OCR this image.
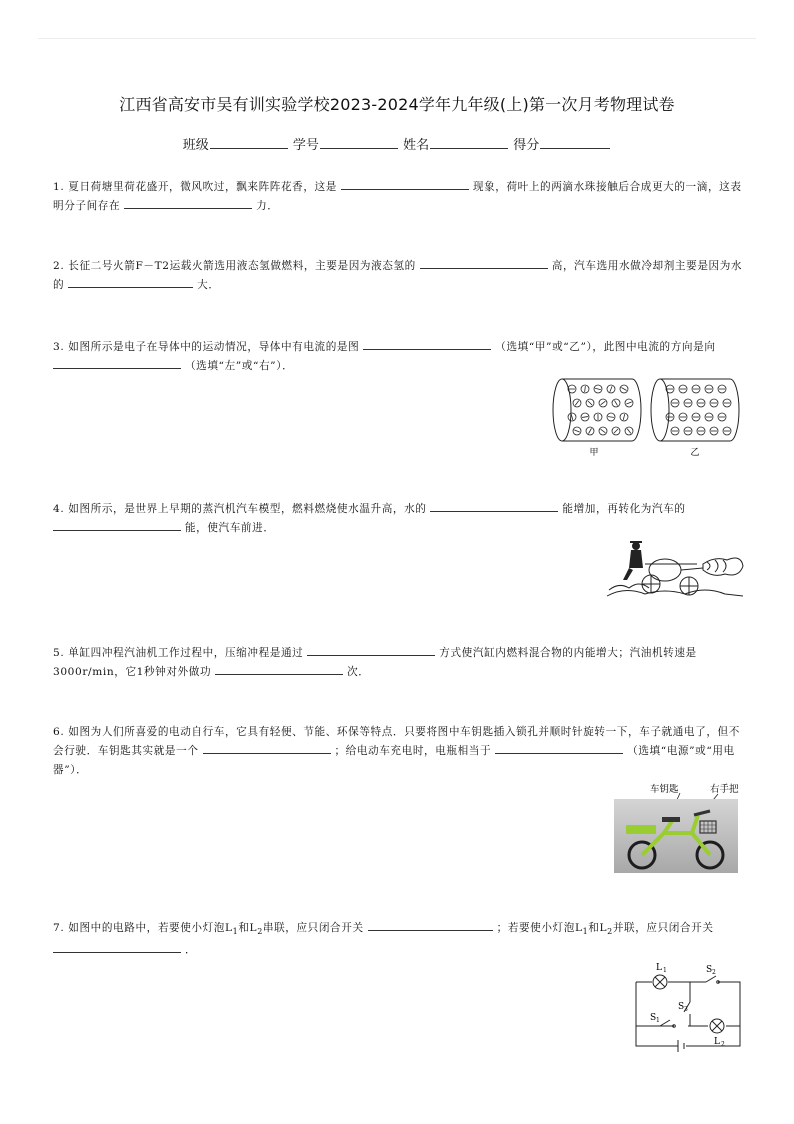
江西省高安市吴有训实验学校2023-2024学年九年级(上)第一次月考物理试卷
班级	学号	姓名	得分
1. 夏日荷塘里荷花盛开，微风吹过，飘来阵阵花香，这是	现象，荷叶上的两滴水珠接触后合成更大的一滴，这表明分子间存在	力．
2. 长征二号火箭F－T2运载火箭选用液态氢做燃料，主要是因为液态氢的	高，汽车选用水做冷却剂主要是因为水的	大．
3. 如图所示是电子在导体中的运动情况，导体中有电流的是图	（选填“甲”或“乙”），此图中电流的方向是向  （选填“左”或“右”）．
甲	乙
4. 如图所示，是世界上早期的蒸汽机汽车模型，燃料燃烧使水温升高，水的	能增加，再转化为汽车的  能，使汽车前进．
5. 单缸四冲程汽油机工作过程中，压缩冲程是通过	方式使汽缸内燃料混合物的内能增大；汽油机转速是3000r/min，它1秒钟对外做功	次．
6. 如图为人们所喜爱的电动自行车，它具有轻便、节能、环保等特点．只要将图中车钥匙插入锁孔并顺时针旋转一下，车子就通电了，但不会行驶．车钥匙其实就是一个	；给电动车充电时，电瓶相当于	（选填“电源”或“用电器”）．
车钥匙	右手把
7. 如图中的电路中，若要使小灯泡$L_1$和$L_2$串联，应只闭合开关	；若要使小灯泡$L_1$和$L_2$并联，应只闭合开关  ．
L 1	S 2
S 3
S 1
L 2
